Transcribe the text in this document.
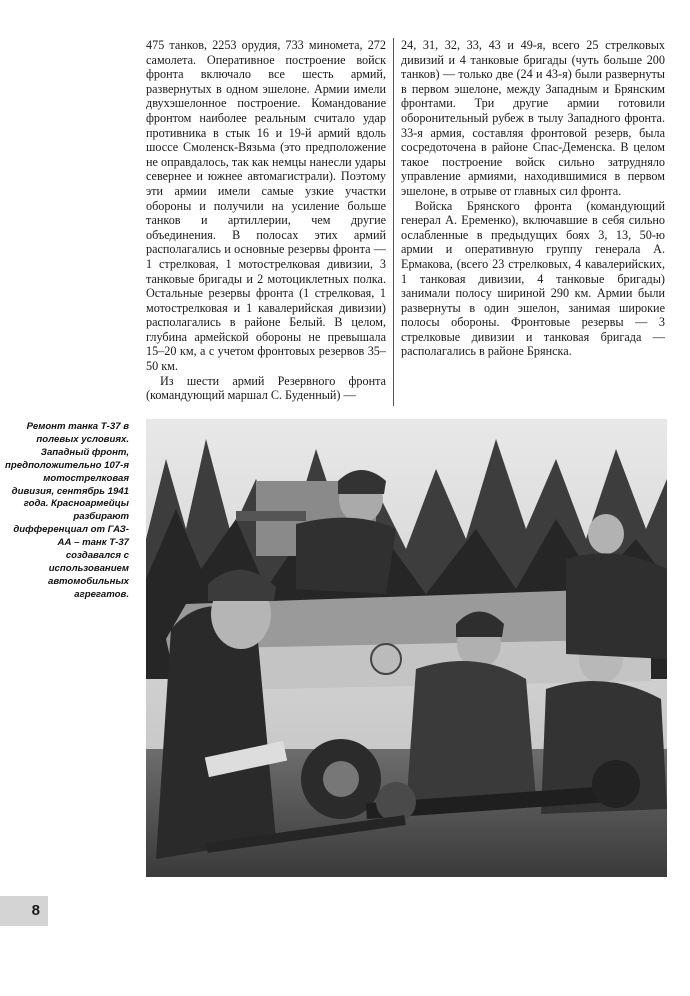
475 танков, 2253 орудия, 733 миномета, 272 самолета. Оперативное построение войск фронта включало все шесть армий, развернутых в одном эшелоне. Армии имели двухэшелонное построение. Командование фронтом наиболее реальным считало удар противника в стык 16 и 19-й армий вдоль шоссе Смоленск-Вязьма (это предположение не оправдалось, так как немцы нанесли удары севернее и южнее автомагистрали). Поэтому эти армии имели самые узкие участки обороны и получили на усиление больше танков и артиллерии, чем другие объединения. В полосах этих армий располагались и основные резервы фронта — 1 стрелковая, 1 мотострелковая дивизии, 3 танковые бригады и 2 мотоциклетных полка. Остальные резервы фронта (1 стрелковая, 1 мотострелковая и 1 кавалерийская дивизии) располагались в районе Белый. В целом, глубина армейской обороны не превышала 15–20 км, а с учетом фронтовых резервов 35–50 км.

Из шести армий Резервного фронта (командующий маршал С. Буденный) —

24, 31, 32, 33, 43 и 49-я, всего 25 стрелковых дивизий и 4 танковые бригады (чуть больше 200 танков) — только две (24 и 43-я) были развернуты в первом эшелоне, между Западным и Брянским фронтами. Три другие армии готовили оборонительный рубеж в тылу Западного фронта. 33-я армия, составляя фронтовой резерв, была сосредоточена в районе Спас-Деменска. В целом такое построение войск сильно затрудняло управление армиями, находившимися в первом эшелоне, в отрыве от главных сил фронта.

Войска Брянского фронта (командующий генерал А. Еременко), включавшие в себя сильно ослабленные в предыдущих боях 3, 13, 50-ю армии и оперативную группу генерала А. Ермакова, (всего 23 стрелковых, 4 кавалерийских, 1 танковая дивизии, 4 танковые бригады) занимали полосу шириной 290 км. Армии были развернуты в один эшелон, занимая широкие полосы обороны. Фронтовые резервы — 3 стрелковые дивизии и танковая бригада — располагались в районе Брянска.

Ремонт танка Т-37 в полевых условиях. Западный фронт, предположительно 107-я мотострелковая дивизия, сентябрь 1941 года. Красноармейцы разбирают дифференциал от ГАЗ-АА – танк Т-37 создавался с использованием автомобильных агрегатов.
8
